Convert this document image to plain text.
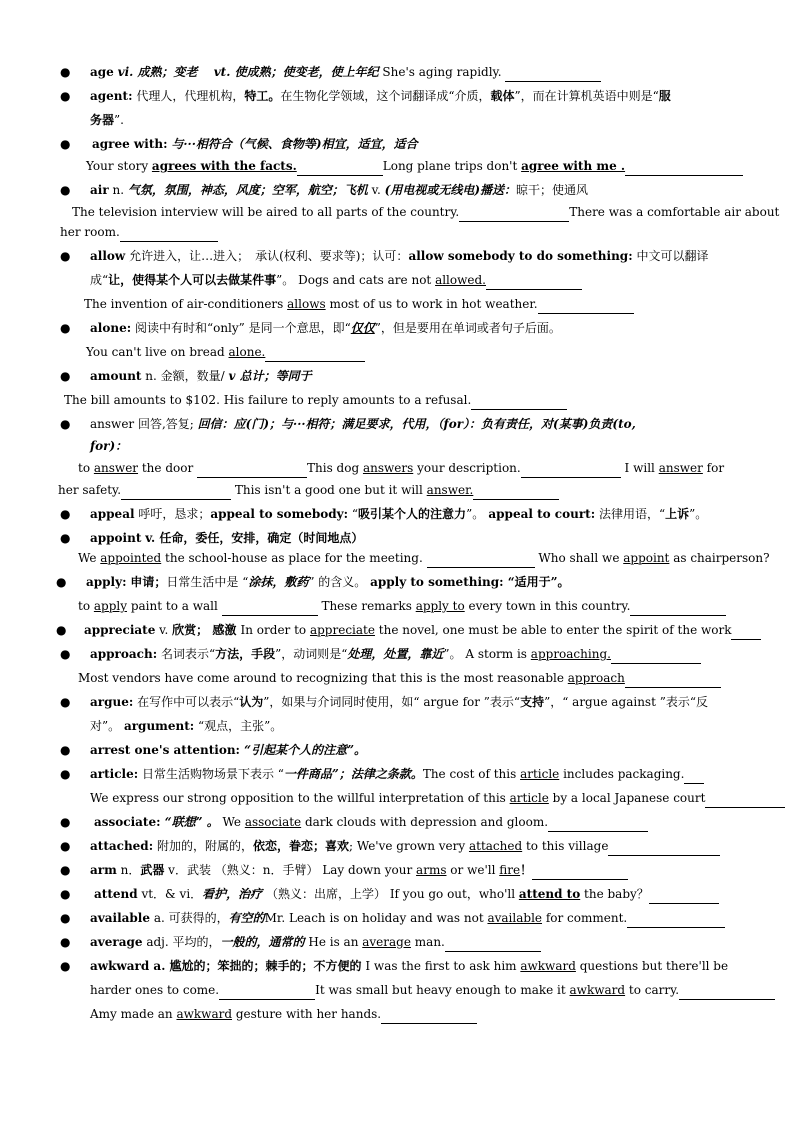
● age vi. 成熟；变老　 vt. 使成熟；使变老，使上年纪 She's aging rapidly.
● agent: 代理人，代理机构，特工。在生物化学领域，这个词翻译成“介质，载体”，而在计算机英语中则是“服
务器”.
● agree with: 与···相符合（气候、食物等)相宜，适宜，适合
Your story agrees with the facts.	Long plane trips don't agree with me .
● air n. 气氛，氛围，神态，风度；空军，航空；飞机 v. (用电视或无线电)播送：晾干；使通风
The television interview will be aired to all parts of the country.	There was a comfortable air about
her room.
● allow 允许进入，让…进入；　承认(权利、要求等)；认可：allow somebody to do something: 中文可以翻译
成“让，使得某个人可以去做某件事”。 Dogs and cats are not allowed.
The invention of air-conditioners allows most of us to work in hot weather.
● alone: 阅读中有时和“only” 是同一个意思，即“仅仅”，但是要用在单词或者句子后面。
You can't live on bread alone.
● amount n. 金额，数量/ v 总计；等同于
The bill amounts to $102. His failure to reply amounts to a refusal.
● answer 回答,答复; 回信：应(门)；与···相符；满足要求，代用，（for）：负有责任，对(某事)负责(to,
for)：
to answer the door	This dog answers your description.	I will answer for
her safety.	This isn't a good one but it will answer.
● appeal 呼吁，恳求；appeal to somebody: “吸引某个人的注意力”。 appeal to court: 法律用语，“上诉”。
● appoint v. 任命，委任，安排，确定（时间地点）
We appointed the school-house as place for the meeting.	Who shall we appoint as chairperson?
● apply: 申请；日常生活中是 “涂抹，敷药” 的含义。 apply to something: “适用于”。
to apply paint to a wall	These remarks apply to every town in this country.
● appreciate v. 欣赏； 感激 In order to appreciate the novel, one must be able to enter the spirit of the work
● approach: 名词表示“方法，手段”，动词则是“处理，处置，靠近”。 A storm is approaching.
Most vendors have come around to recognizing that this is the most reasonable approach
● argue: 在写作中可以表示“认为”，如果与介词同时使用，如“ argue for ”表示“支持”，“ argue against ”表示“反
对”。 argument: “观点，主张”。
● arrest one's attention: “引起某个人的注意”。
● article: 日常生活购物场景下表示 “一件商品”；法律之条款。The cost of this article includes packaging.
We express our strong opposition to the willful interpretation of this article by a local Japanese court
● associate: “联想” 。 We associate dark clouds with depression and gloom.
● attached: 附加的，附属的，依恋，眷恋；喜欢; We've grown very attached to this village
● arm n．武器 v．武装 （熟义：n．手臂） Lay down your arms or we'll fire！
● attend vt．& vi．看护，治疗 （熟义：出席，上学） If you go out，who'll attend to the baby？
● available a. 可获得的，有空的Mr. Leach is on holiday and was not available for comment.
● average adj. 平均的，一般的，通常的 He is an average man.
● awkward a. 尴尬的；笨拙的；棘手的；不方便的 I was the first to ask him awkward questions but there'll be
harder ones to come.	It was small but heavy enough to make it awkward to carry.
Amy made an awkward gesture with her hands.
